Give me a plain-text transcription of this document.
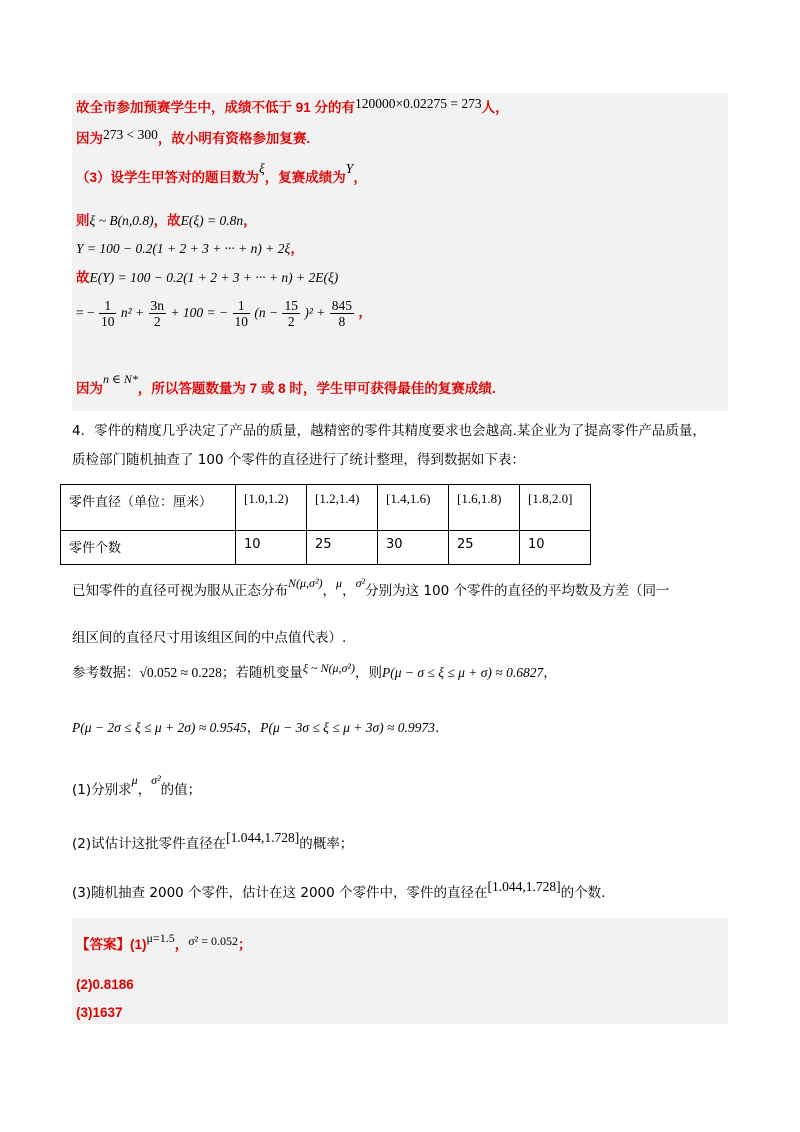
故全市参加预赛学生中，成绩不低于 91 分的有120000×0.02275 = 273人，
因为273 < 300，故小明有资格参加复赛.
（3）设学生甲答对的题目数为ξ，复赛成绩为Y，
则ξ ~ B(n,0.8)，故E(ξ) = 0.8n，
Y = 100 − 0.2(1 + 2 + 3 + ··· + n) + 2ξ，
故E(Y) = 100 − 0.2(1 + 2 + 3 + ··· + n) + 2E(ξ)
= − $\frac{1}{10} n^2 + \frac{3n}{2} + 100$ = − $\frac{1}{10} (n - \frac{15}{2} )^2 + \frac{845}{8}$ ，
因为n ∈ N*，所以答题数量为 7 或 8 时，学生甲可获得最佳的复赛成绩.
4．零件的精度几乎决定了产品的质量，越精密的零件其精度要求也会越高.某企业为了提高零件产品质量，
质检部门随机抽查了 100 个零件的直径进行了统计整理，得到数据如下表：
零件直径（单位：厘米）	[1.0,1.2)	[1.2,1.4)	[1.4,1.6)	[1.6,1.8)	[1.8,2.0]
零件个数	10	25	30	25	10
已知零件的直径可视为服从正态分布N(μ,σ²)，μ，σ²分别为这 100 个零件的直径的平均数及方差（同一
组区间的直径尺寸用该组区间的中点值代表）.
参考数据：√0.052 ≈ 0.228；若随机变量ξ ~ N(μ,σ²)，则P(μ − σ ≤ ξ ≤ μ + σ) ≈ 0.6827，
P(μ − 2σ ≤ ξ ≤ μ + 2σ) ≈ 0.9545，P(μ − 3σ ≤ ξ ≤ μ + 3σ) ≈ 0.9973.
(1)分别求μ，σ²的值；
(2)试估计这批零件直径在[1.044,1.728]的概率；
(3)随机抽查 2000 个零件，估计在这 2000 个零件中，零件的直径在[1.044,1.728]的个数.
【答案】(1)μ=1.5，σ² = 0.052；
(2)0.8186
(3)1637
